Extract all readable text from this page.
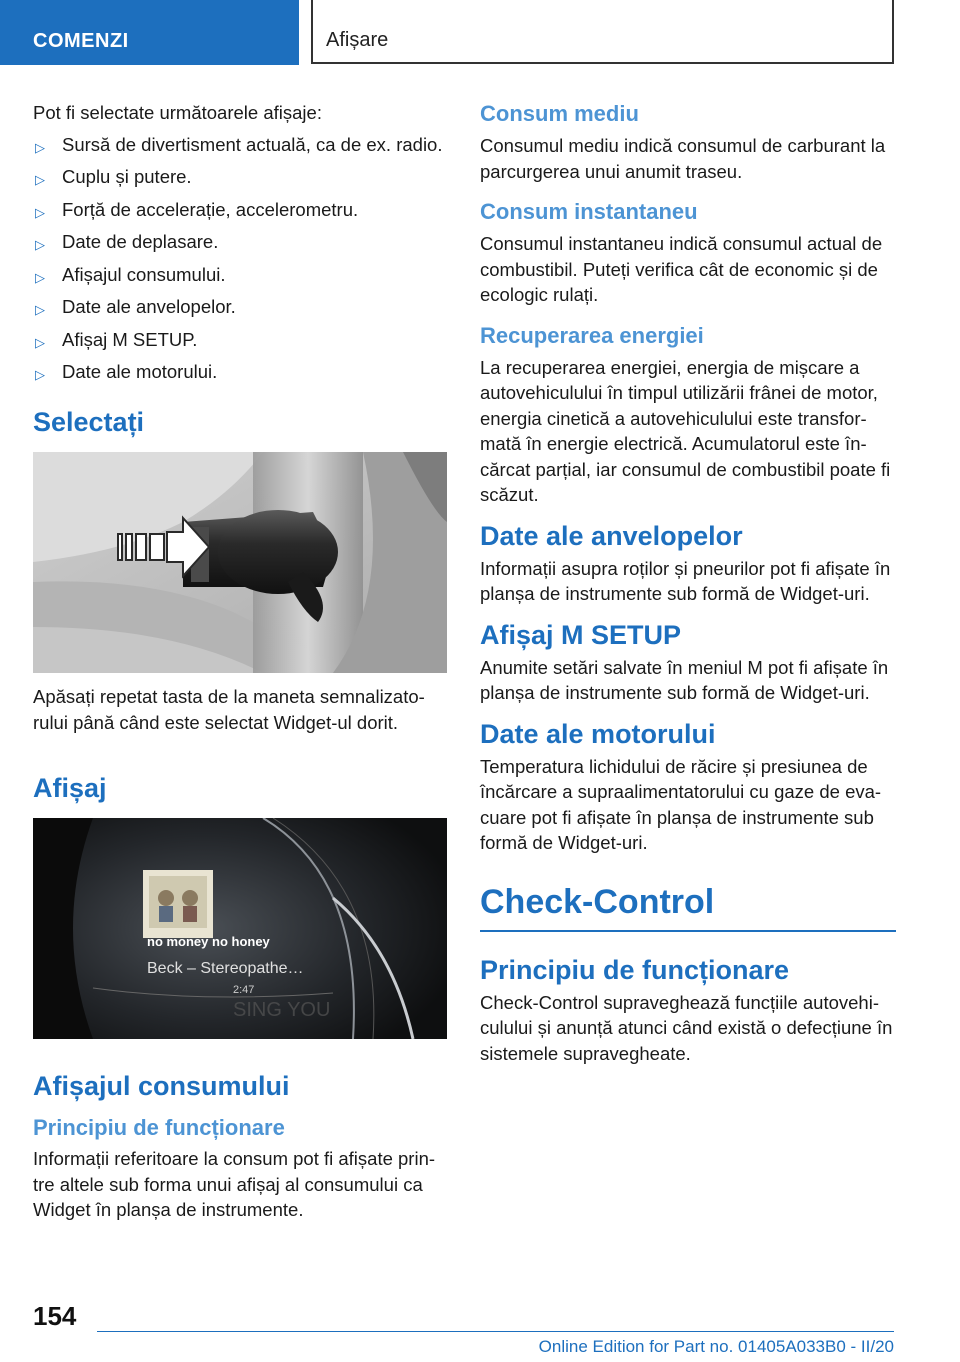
COMENZI	Afișare

Pot fi selectate următoarele afișaje:

▷ Sursă de divertisment actuală, ca de ex. radio.
▷ Cuplu și putere.
▷ Forță de accelerație, accelerometru.
▷ Date de deplasare.
▷ Afișajul consumului.
▷ Date ale anvelopelor.
▷ Afișaj M SETUP.
▷ Date ale motorului.
Selectați

Apăsați repetat tasta de la maneta semnalizatorului până când este selectat Widget-ul dorit.

Afișaj
no money no honey
Beck – Stereopathe…
2:47
SING YOU
Afișajul consumului
Principiu de funcționare

Informații referitoare la consum pot fi afișate printre altele sub forma unui afișaj al consumului ca Widget în planșa de instrumente.

Consum mediu

Consumul mediu indică consumul de carburant la parcurgerea unui anumit traseu.

Consum instantaneu

Consumul instantaneu indică consumul actual de combustibil. Puteți verifica cât de economic și de ecologic rulați.

Recuperarea energiei

La recuperarea energiei, energia de mișcare a autovehiculului în timpul utilizării frânei de motor, energia cinetică a autovehiculului este transformată în energie electrică. Acumulatorul este încărcat parțial, iar consumul de combustibil poate fi scăzut.

Date ale anvelopelor

Informații asupra roților și pneurilor pot fi afișate în planșa de instrumente sub formă de Widget-uri.

Afișaj M SETUP

Anumite setări salvate în meniul M pot fi afișate în planșa de instrumente sub formă de Widget-uri.

Date ale motorului

Temperatura lichidului de răcire și presiunea de încărcare a supraalimentatorului cu gaze de evacuare pot fi afișate în planșa de instrumente sub formă de Widget-uri.

Check-Control
Principiu de funcționare

Check-Control supraveghează funcțiile autovehiculului și anunță atunci când există o defecțiune în sistemele supravegheate.

154
Online Edition for Part no. 01405A033B0 - II/20
